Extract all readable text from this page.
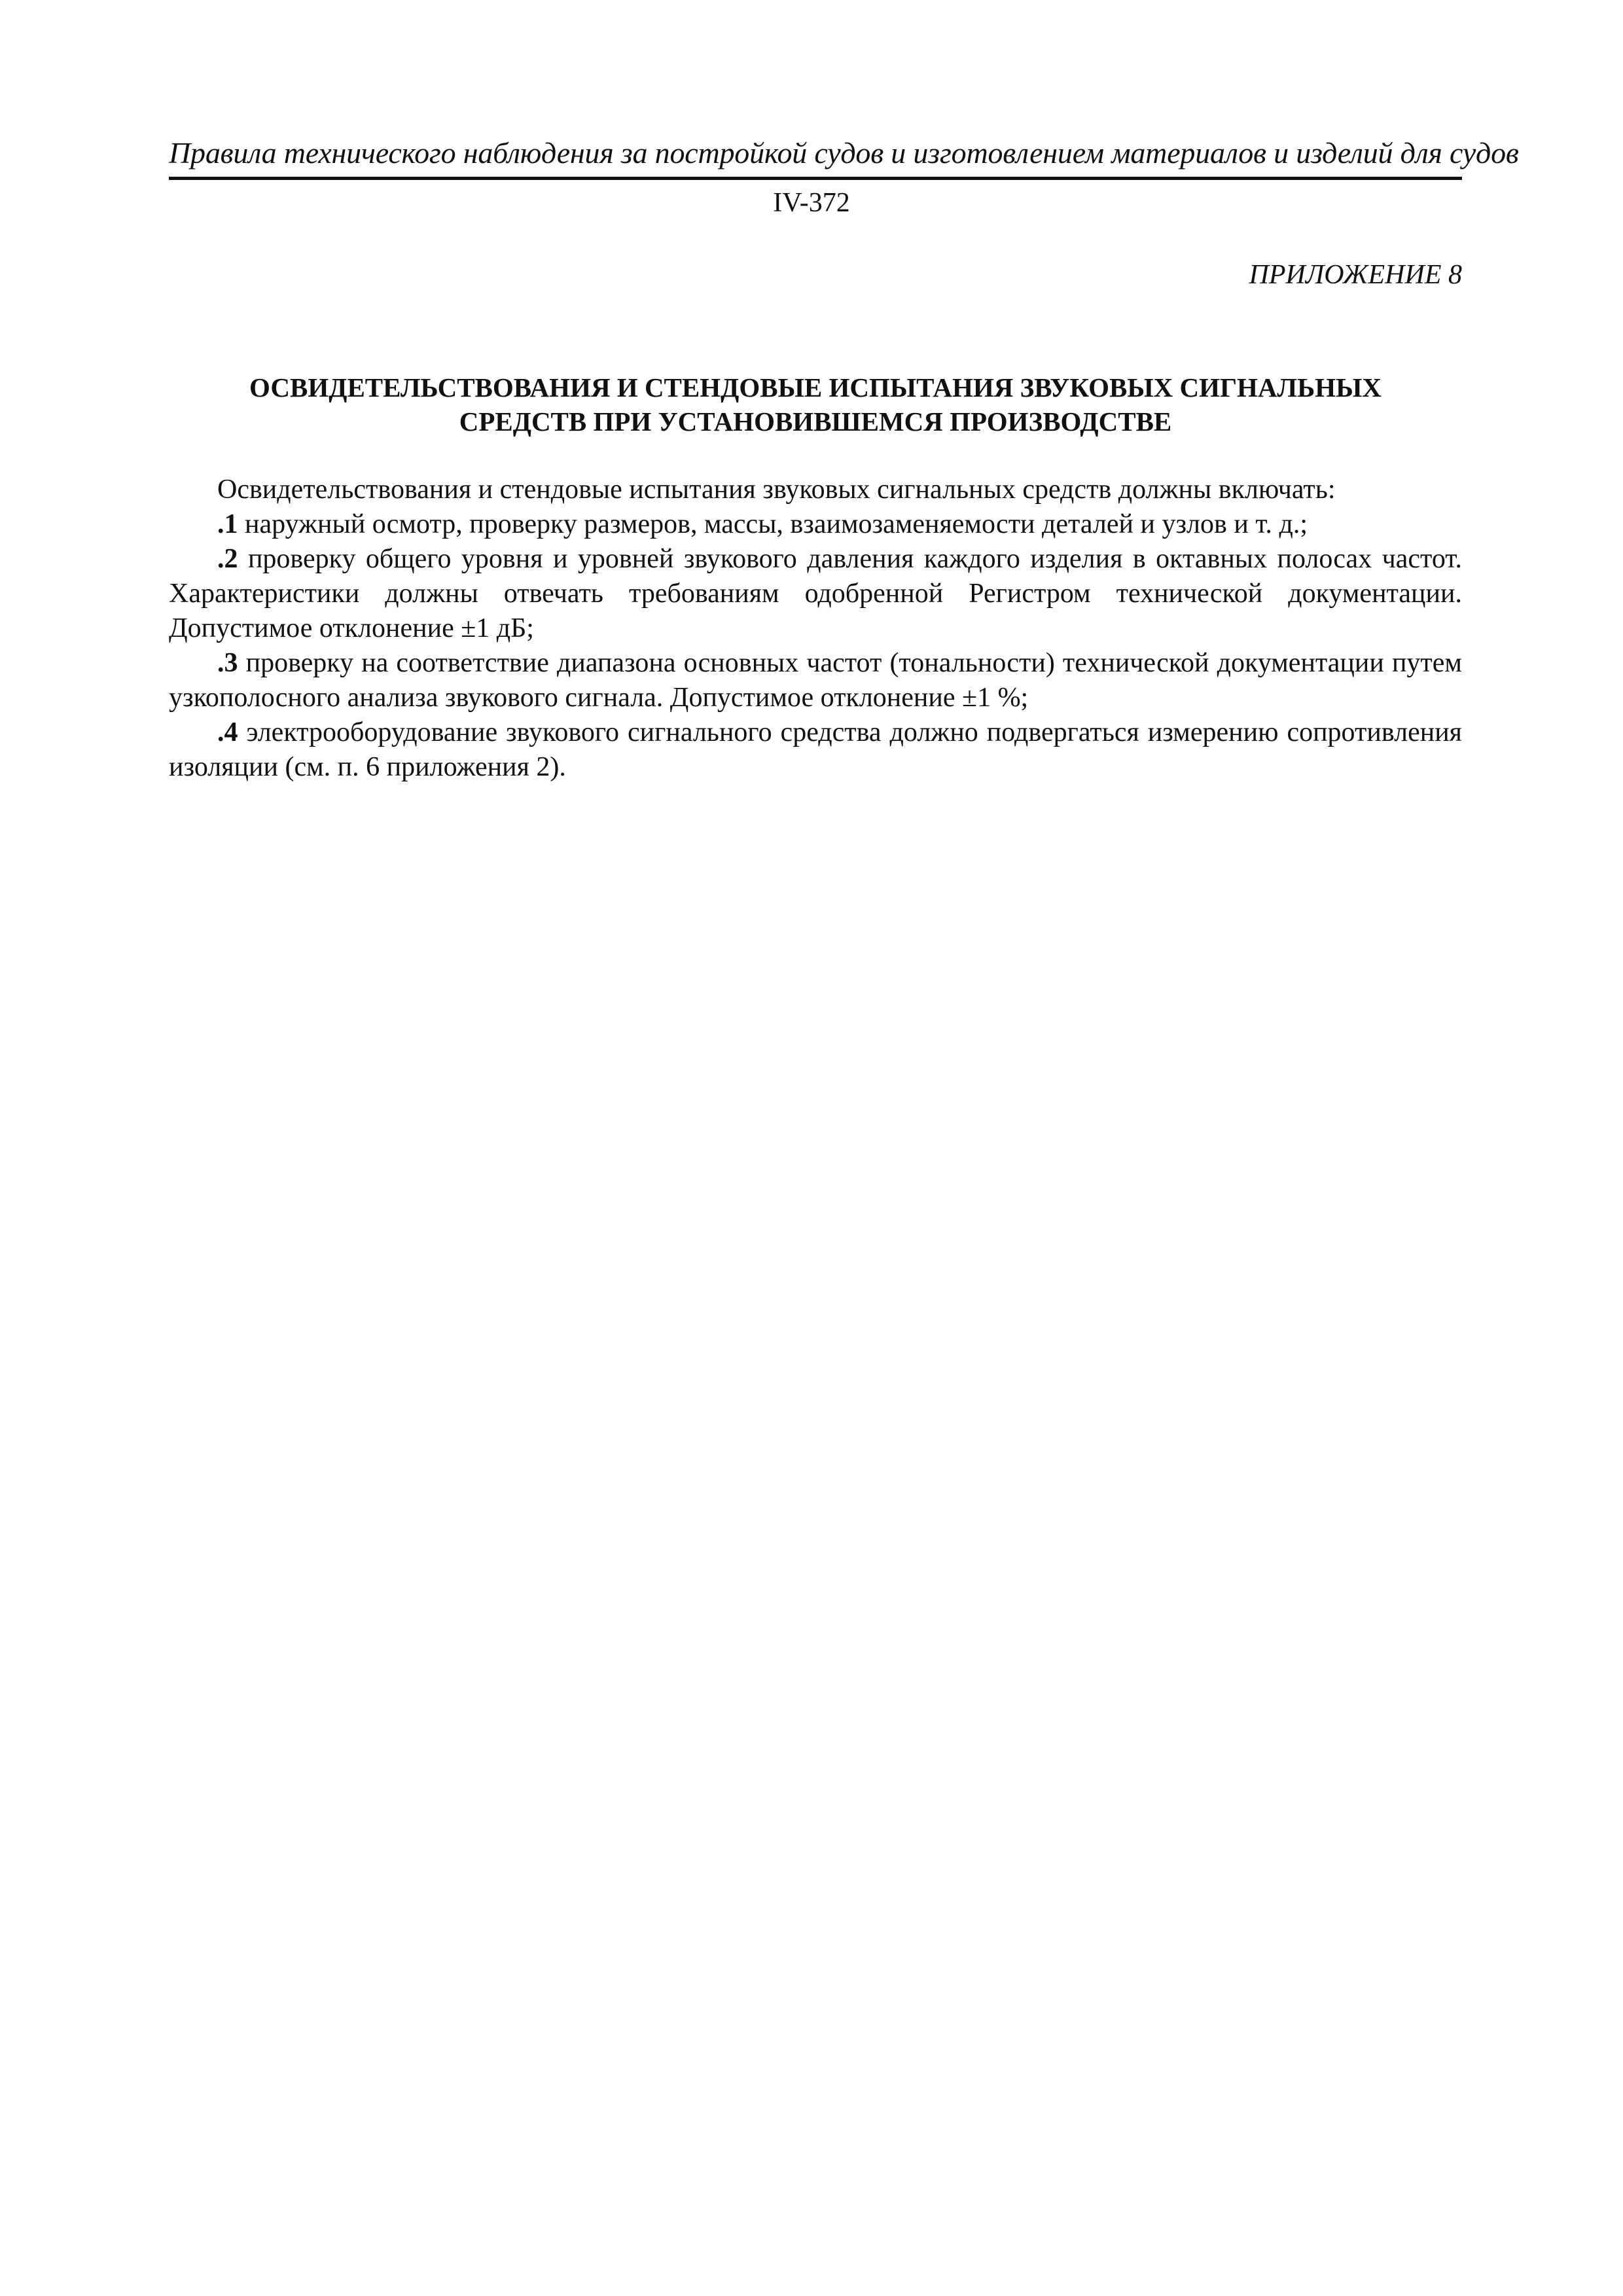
Правила технического наблюдения за постройкой судов и изготовлением материалов и изделий для судов
IV-372
ПРИЛОЖЕНИЕ 8
ОСВИДЕТЕЛЬСТВОВАНИЯ И СТЕНДОВЫЕ ИСПЫТАНИЯ ЗВУКОВЫХ СИГНАЛЬНЫХ
СРЕДСТВ ПРИ УСТАНОВИВШЕМСЯ ПРОИЗВОДСТВЕ

Освидетельствования и стендовые испытания звуковых сигнальных средств должны включать:

.1 наружный осмотр, проверку размеров, массы, взаимозаменяемости деталей и узлов и т. д.;

.2 проверку общего уровня и уровней звукового давления каждого изделия в октавных полосах частот. Характеристики должны отвечать требованиям одобренной Регистром технической документации. Допустимое отклонение ±1 дБ;

.3 проверку на соответствие диапазона основных частот (тональности) технической документации путем узкополосного анализа звукового сигнала. Допустимое отклонение ±1 %;

.4 электрооборудование звукового сигнального средства должно подвергаться измерению сопротивления изоляции (см. п. 6 приложения 2).
